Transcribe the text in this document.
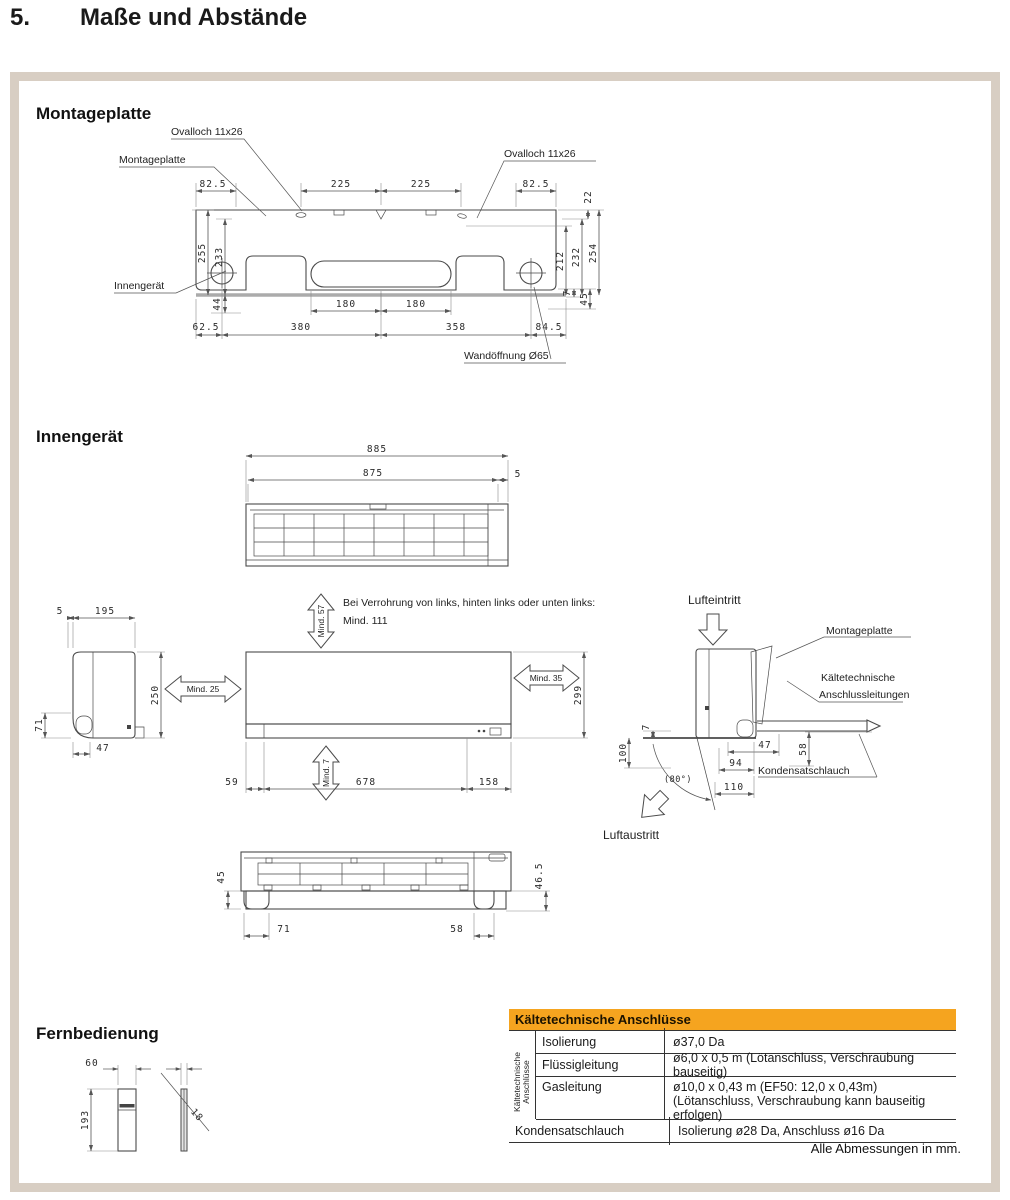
5. Maße und Abstände
Montageplatte
Ovalloch 11x26
Ovalloch 11x26
Montageplatte
82.5	225	225	82.5
22
212 232 254
255 233
44	180	180
7 45
62.5	380	358	84.5
Innengerät
Wandöffnung Ø65
Innengerät
885
875	5
5	195
250
71
47
Mind. 57
Bei Verrohrung von links, hinten links oder unten links:
Mind. 111
Mind. 25
Mind. 35
Mind. 7
299
59	678	158
Lufteintritt
(80°)
Montageplatte
Kältetechnische
Anschlussleitungen
7
100	47	58
94
Kondensatschlauch
110
Luftaustritt
45	46.5
71	58
Fernbedienung
60
193	18
Kältetechnische Anschlüsse
Kältetechnische Anschlüsse
Isolierung	ø37,0 Da
Flüssigleitung	ø6,0 x 0,5 m (Lötanschluss, Verschraubung bauseitig)
Gasleitung	ø10,0 x 0,43 m (EF50: 12,0 x 0,43m)
(Lötanschluss, Verschraubung kann bauseitig erfolgen)
Kondensatschlauch	Isolierung ø28 Da, Anschluss ø16 Da
Alle Abmessungen in mm.
